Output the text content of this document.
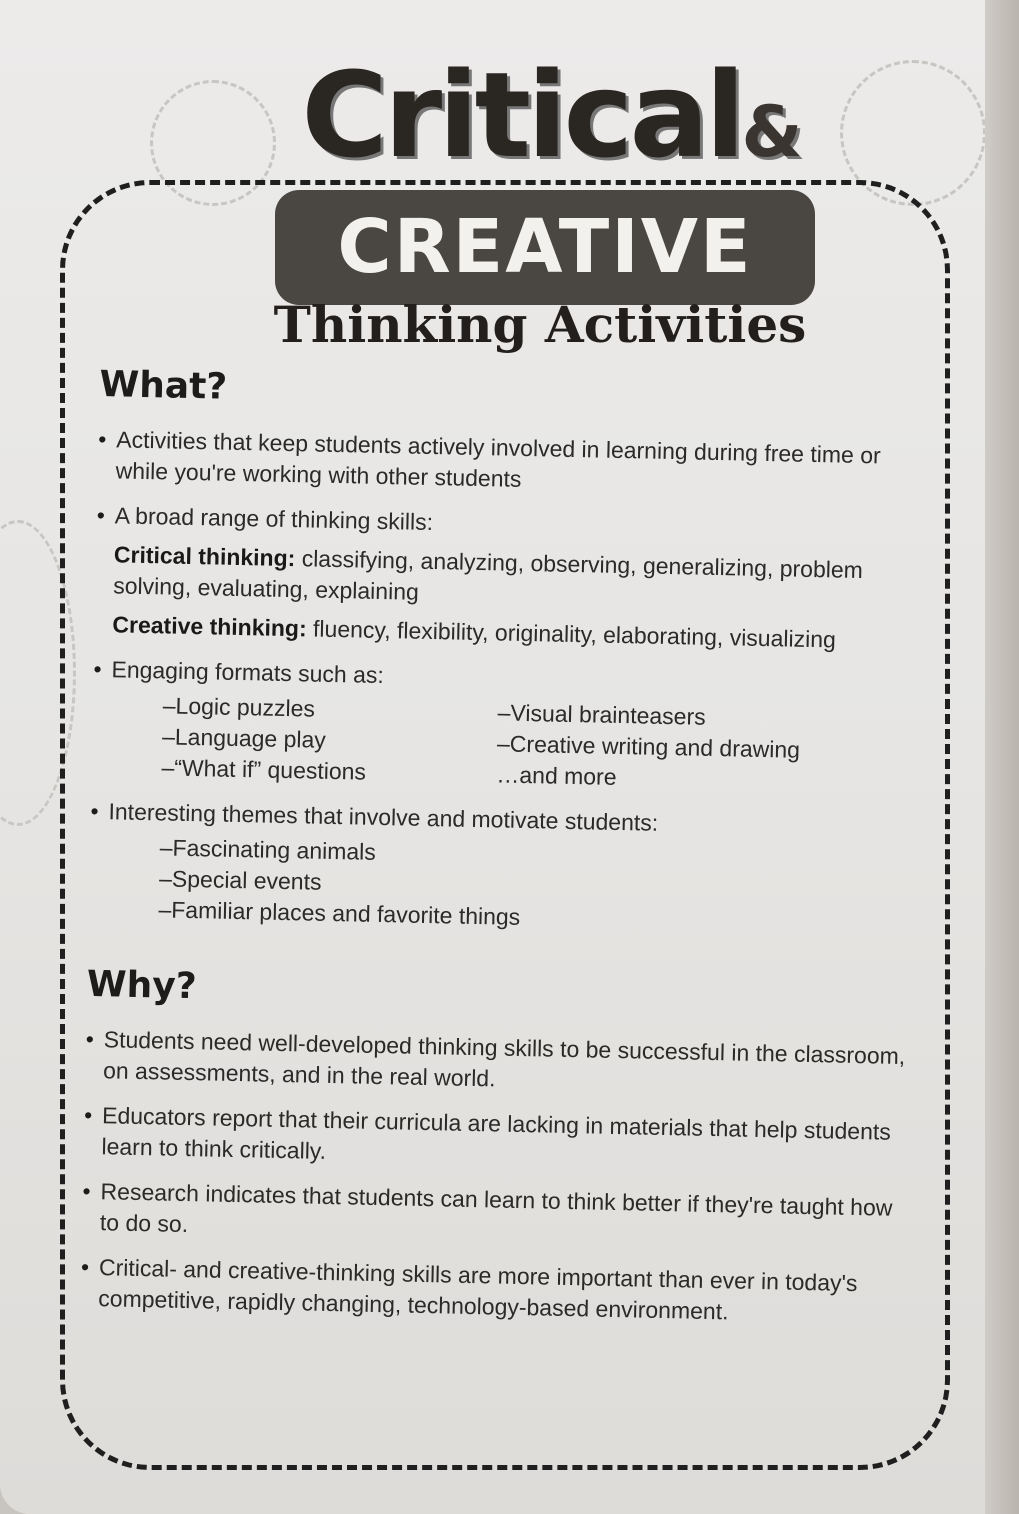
Critical&
CREATIVE
Thinking Activities
What?
• Activities that keep students actively involved in learning during free time or while you're working with other students
• A broad range of thinking skills:
Critical thinking: classifying, analyzing, observing, generalizing, problem solving, evaluating, explaining
Creative thinking: fluency, flexibility, originality, elaborating, visualizing
• Engaging formats such as:
–Logic puzzles
–Language play
–“What if” questions
–Visual brainteasers
–Creative writing and drawing
…and more
• Interesting themes that involve and motivate students:
–Fascinating animals
–Special events
–Familiar places and favorite things
Why?
• Students need well-developed thinking skills to be successful in the classroom, on assessments, and in the real world.
• Educators report that their curricula are lacking in materials that help students learn to think critically.
• Research indicates that students can learn to think better if they're taught how to do so.
• Critical- and creative-thinking skills are more important than ever in today's competitive, rapidly changing, technology-based environment.
